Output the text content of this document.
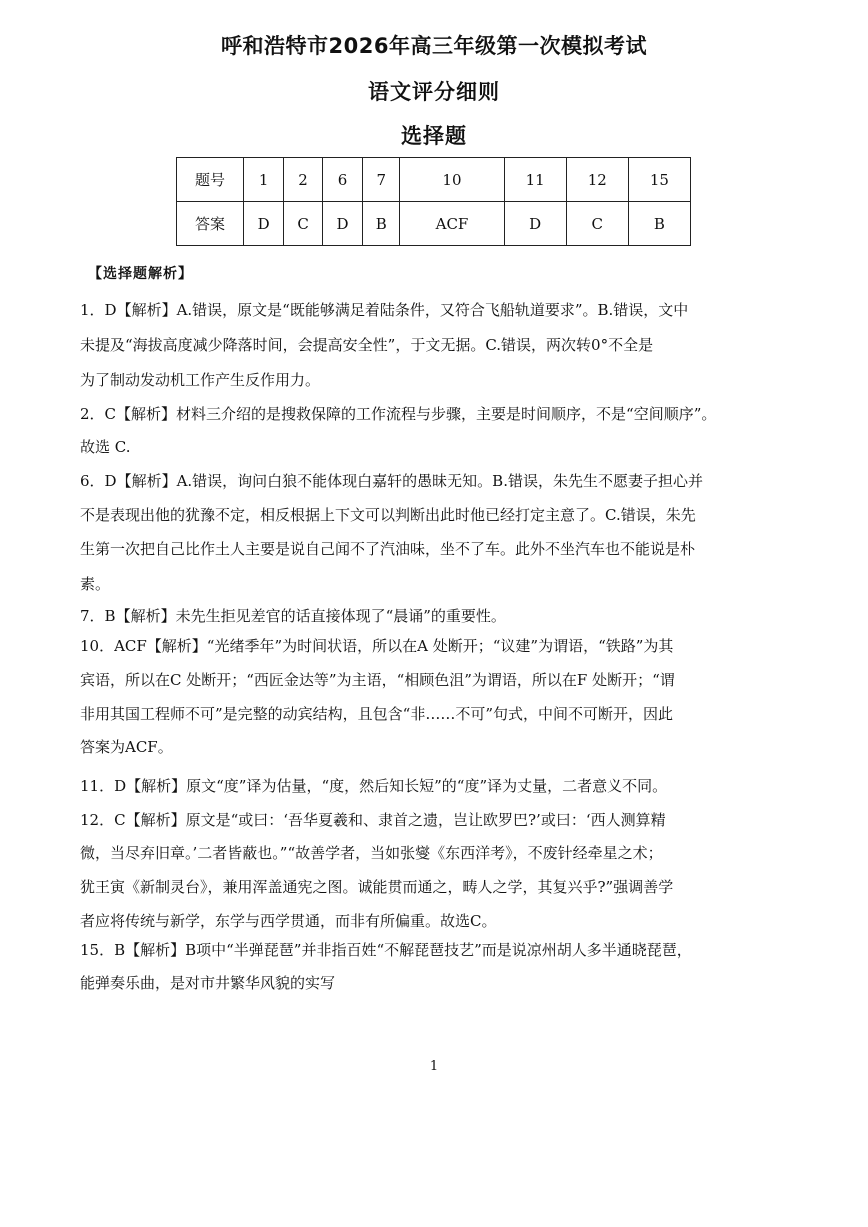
呼和浩特市2026年高三年级第一次模拟考试
语文评分细则
选择题
题号	1	2	6	7	10	11	12	15
答案	D	C	D	B	ACF	D	C	B
【选择题解析】
1．D【解析】A.错误，原文是“既能够满足着陆条件，又符合飞船轨道要求”。B.错误，文中
未提及“海拔高度减少降落时间，会提高安全性”，于文无据。C.错误，两次转0°不全是
为了制动发动机工作产生反作用力。
2．C【解析】材料三介绍的是搜救保障的工作流程与步骤，主要是时间顺序，不是“空间顺序”。
故选 C.
6．D【解析】A.错误，询问白狼不能体现白嘉轩的愚昧无知。B.错误，朱先生不愿妻子担心并
不是表现出他的犹豫不定，相反根据上下文可以判断出此时他已经打定主意了。C.错误，朱先
生第一次把自己比作土人主要是说自己闻不了汽油味，坐不了车。此外不坐汽车也不能说是朴
素。
7．B【解析】未先生拒见差官的话直接体现了“晨诵”的重要性。
10．ACF【解析】“光绪季年”为时间状语，所以在A 处断开；“议建”为谓语，“铁路”为其
宾语，所以在C 处断开；“西匠金达等”为主语，“相顾色沮”为谓语，所以在F 处断开；“谓
非用其国工程师不可”是完整的动宾结构，且包含“非……不可”句式，中间不可断开，因此
答案为ACF。
11．D【解析】原文“度”译为估量，“度，然后知长短”的“度”译为丈量，二者意义不同。
12．C【解析】原文是“或曰：‘吾华夏羲和、隶首之遗，岂让欧罗巴?’或曰：‘西人测算精
微，当尽弃旧章。’二者皆蔽也。”“故善学者，当如张燮《东西洋考》，不废针经牵星之术；
犹王寅《新制灵台》，兼用浑盖通宪之图。诚能贯而通之，畴人之学，其复兴乎?”强调善学
者应将传统与新学，东学与西学贯通，而非有所偏重。故选C。
15．B【解析】B项中“半弹琵琶”并非指百姓“不解琵琶技艺”而是说凉州胡人多半通晓琵琶，
能弹奏乐曲，是对市井繁华风貌的实写
1
